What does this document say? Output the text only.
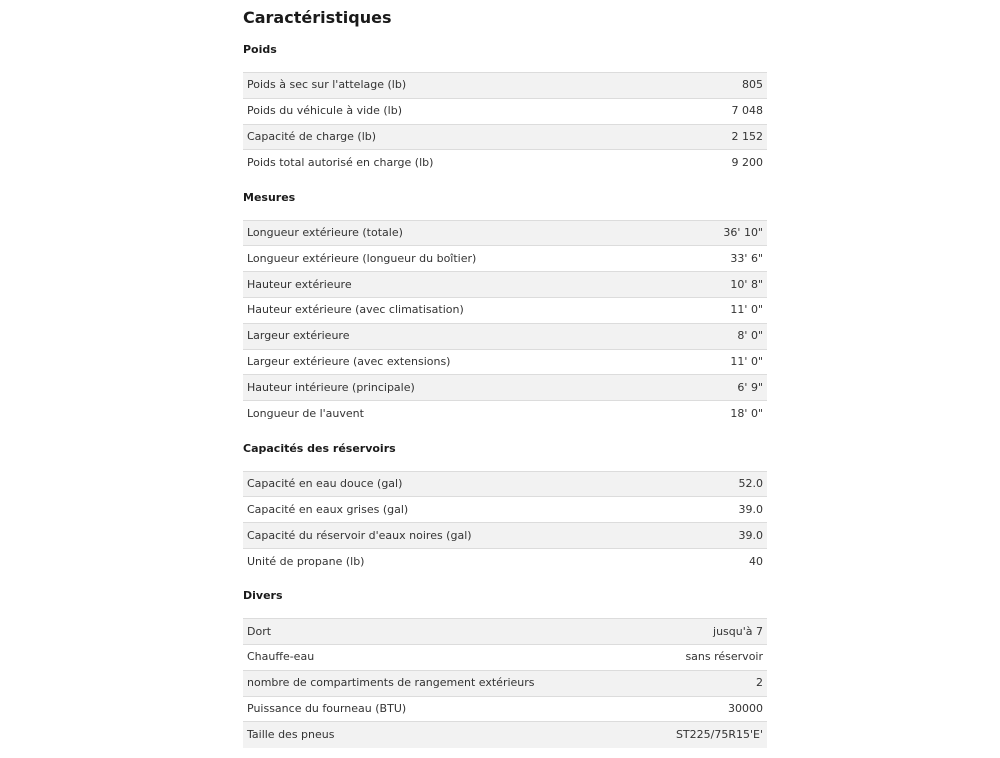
Caractéristiques
Poids
Poids à sec sur l'attelage (lb)	805
Poids du véhicule à vide (lb)	7 048
Capacité de charge (lb)	2 152
Poids total autorisé en charge (lb)	9 200
Mesures
Longueur extérieure (totale)	36' 10"
Longueur extérieure (longueur du boîtier)	33' 6"
Hauteur extérieure	10' 8"
Hauteur extérieure (avec climatisation)	11' 0"
Largeur extérieure	8' 0"
Largeur extérieure (avec extensions)	11' 0"
Hauteur intérieure (principale)	6' 9"
Longueur de l'auvent	18' 0"
Capacités des réservoirs
Capacité en eau douce (gal)	52.0
Capacité en eaux grises (gal)	39.0
Capacité du réservoir d'eaux noires (gal)	39.0
Unité de propane (lb)	40
Divers
Dort	jusqu'à 7
Chauffe-eau	sans réservoir
nombre de compartiments de rangement extérieurs	2
Puissance du fourneau (BTU)	30000
Taille des pneus	ST225/75R15'E'
